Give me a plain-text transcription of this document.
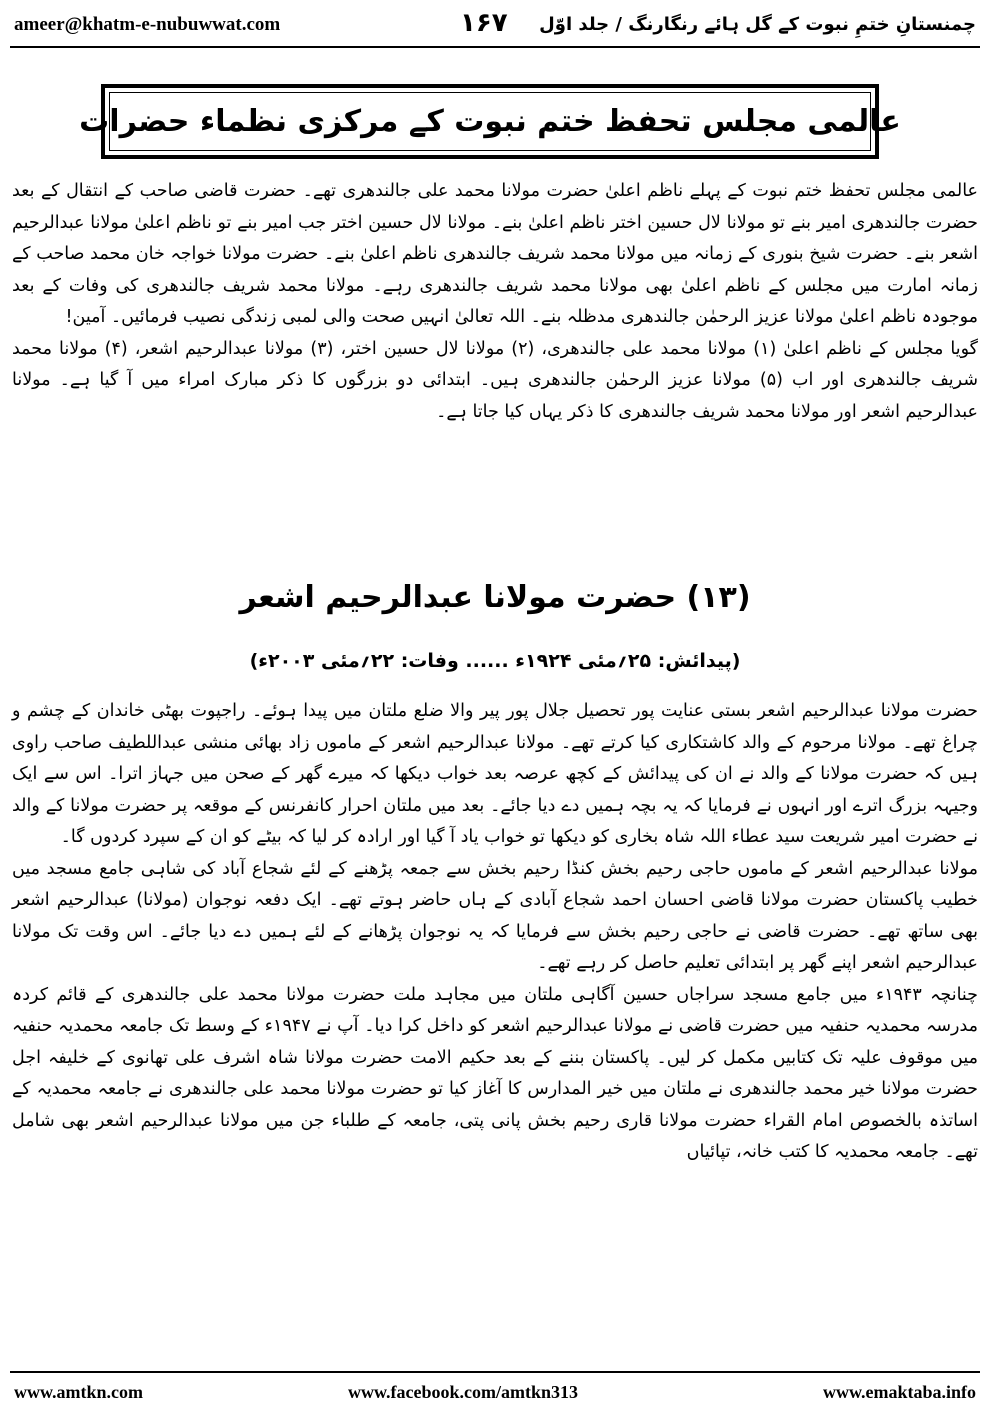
ameer@khatm-e-nubuwwat.com	۱۶۷ چمنستانِ ختمِ نبوت کے گل ہائے رنگارنگ / جلد اوّل
عالمی مجلس تحفظ ختم نبوت کے مرکزی نظماء حضرات

عالمی مجلس تحفظ ختم نبوت کے پہلے ناظم اعلیٰ حضرت مولانا محمد علی جالندھری تھے۔ حضرت قاضی صاحب کے انتقال کے بعد حضرت جالندھری امیر بنے تو مولانا لال حسین اختر ناظم اعلیٰ بنے۔ مولانا لال حسین اختر جب امیر بنے تو ناظم اعلیٰ مولانا عبدالرحیم اشعر بنے۔ حضرت شیخ بنوری کے زمانہ میں مولانا محمد شریف جالندھری ناظم اعلیٰ بنے۔ حضرت مولانا خواجہ خان محمد صاحب کے زمانہ امارت میں مجلس کے ناظم اعلیٰ بھی مولانا محمد شریف جالندھری رہے۔ مولانا محمد شریف جالندھری کی وفات کے بعد موجودہ ناظم اعلیٰ مولانا عزیز الرحمٰن جالندھری مدظلہ بنے۔ اللہ تعالیٰ انہیں صحت والی لمبی زندگی نصیب فرمائیں۔ آمین!

گویا مجلس کے ناظم اعلیٰ (۱) مولانا محمد علی جالندھری، (۲) مولانا لال حسین اختر، (۳) مولانا عبدالرحیم اشعر، (۴) مولانا محمد شریف جالندھری اور اب (۵) مولانا عزیز الرحمٰن جالندھری ہیں۔ ابتدائی دو بزرگوں کا ذکر مبارک امراء میں آ گیا ہے۔ مولانا عبدالرحیم اشعر اور مولانا محمد شریف جالندھری کا ذکر یہاں کیا جاتا ہے۔

(۱۳) حضرت مولانا عبدالرحیم اشعر
(پیدائش: ۲۵؍مئی ۱۹۲۴ء ...... وفات: ۲۲؍مئی ۲۰۰۳ء)

حضرت مولانا عبدالرحیم اشعر بستی عنایت پور تحصیل جلال پور پیر والا ضلع ملتان میں پیدا ہوئے۔ راجپوت بھٹی خاندان کے چشم و چراغ تھے۔ مولانا مرحوم کے والد کاشتکاری کیا کرتے تھے۔ مولانا عبدالرحیم اشعر کے ماموں زاد بھائی منشی عبداللطیف صاحب راوی ہیں کہ حضرت مولانا کے والد نے ان کی پیدائش کے کچھ عرصہ بعد خواب دیکھا کہ میرے گھر کے صحن میں جہاز اترا۔ اس سے ایک وجیہہ بزرگ اترے اور انہوں نے فرمایا کہ یہ بچہ ہمیں دے دیا جائے۔ بعد میں ملتان احرار کانفرنس کے موقعہ پر حضرت مولانا کے والد نے حضرت امیر شریعت سید عطاء اللہ شاہ بخاری کو دیکھا تو خواب یاد آ گیا اور ارادہ کر لیا کہ بیٹے کو ان کے سپرد کردوں گا۔

مولانا عبدالرحیم اشعر کے ماموں حاجی رحیم بخش کنڈا رحیم بخش سے جمعہ پڑھنے کے لئے شجاع آباد کی شاہی جامع مسجد میں خطیب پاکستان حضرت مولانا قاضی احسان احمد شجاع آبادی کے ہاں حاضر ہوتے تھے۔ ایک دفعہ نوجوان (مولانا) عبدالرحیم اشعر بھی ساتھ تھے۔ حضرت قاضی نے حاجی رحیم بخش سے فرمایا کہ یہ نوجوان پڑھانے کے لئے ہمیں دے دیا جائے۔ اس وقت تک مولانا عبدالرحیم اشعر اپنے گھر پر ابتدائی تعلیم حاصل کر رہے تھے۔

چنانچہ ۱۹۴۳ء میں جامع مسجد سراجاں حسین آگاہی ملتان میں مجاہد ملت حضرت مولانا محمد علی جالندھری کے قائم کردہ مدرسہ محمدیہ حنفیہ میں حضرت قاضی نے مولانا عبدالرحیم اشعر کو داخل کرا دیا۔ آپ نے ۱۹۴۷ء کے وسط تک جامعہ محمدیہ حنفیہ میں موقوف علیہ تک کتابیں مکمل کر لیں۔ پاکستان بننے کے بعد حکیم الامت حضرت مولانا شاہ اشرف علی تھانوی کے خلیفہ اجل حضرت مولانا خیر محمد جالندھری نے ملتان میں خیر المدارس کا آغاز کیا تو حضرت مولانا محمد علی جالندھری نے جامعہ محمدیہ کے اساتذہ بالخصوص امام القراء حضرت مولانا قاری رحیم بخش پانی پتی، جامعہ کے طلباء جن میں مولانا عبدالرحیم اشعر بھی شامل تھے۔ جامعہ محمدیہ کا کتب خانہ، تپائیاں

www.amtkn.com	www.facebook.com/amtkn313	www.emaktaba.info
